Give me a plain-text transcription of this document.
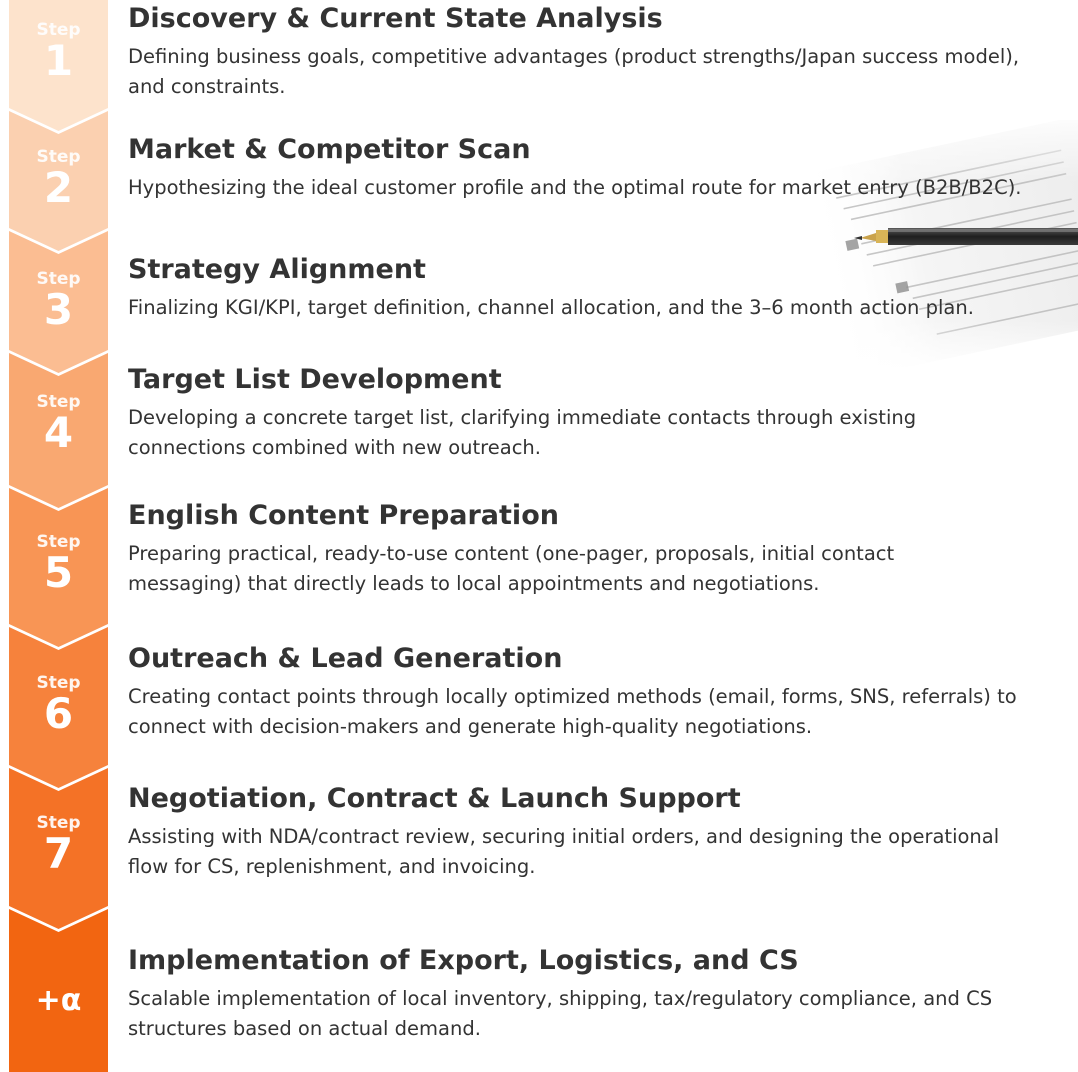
Step
1
Step
2
Step
3
Step
4
Step
5
Step
6
Step
7
+α
Discovery & Current State Analysis

Defining business goals, competitive advantages (product strengths/Japan success model), and constraints.

Market & Competitor Scan

Hypothesizing the ideal customer profile and the optimal route for market entry (B2B/B2C).

Strategy Alignment

Finalizing KGI/KPI, target definition, channel allocation, and the 3–6 month action plan.

Target List Development

Developing a concrete target list, clarifying immediate contacts through existing connections combined with new outreach.

English Content Preparation

Preparing practical, ready-to-use content (one-pager, proposals, initial contact messaging) that directly leads to local appointments and negotiations.

Outreach & Lead Generation

Creating contact points through locally optimized methods (email, forms, SNS, referrals) to connect with decision-makers and generate high-quality negotiations.

Negotiation, Contract & Launch Support

Assisting with NDA/contract review, securing initial orders, and designing the operational flow for CS, replenishment, and invoicing.

Implementation of Export, Logistics, and CS

Scalable implementation of local inventory, shipping, tax/regulatory compliance, and CS structures based on actual demand.
